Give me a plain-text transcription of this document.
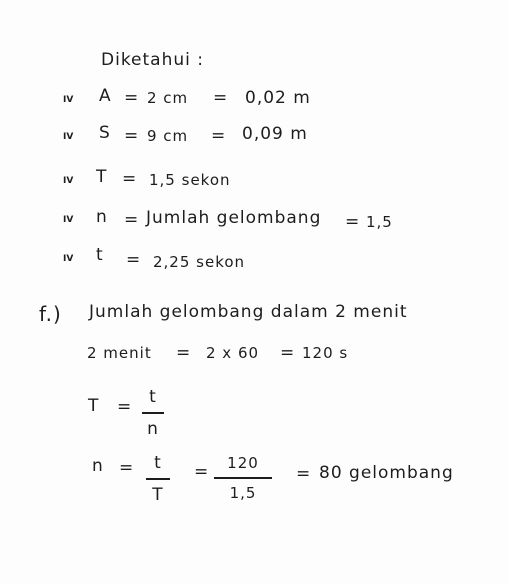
Diketahui :
IV A = 2 cm = 0,02 m
IV S = 9 cm = 0,09 m
IV T = 1,5 sekon
IV n = Jumlah gelombang = 1,5
IV t = 2,25 sekon
f.) Jumlah gelombang dalam 2 menit
2 menit = 2 x 60 = 120 s
T = t
n
n = t
T
= 120
1,5
= 80 gelombang
